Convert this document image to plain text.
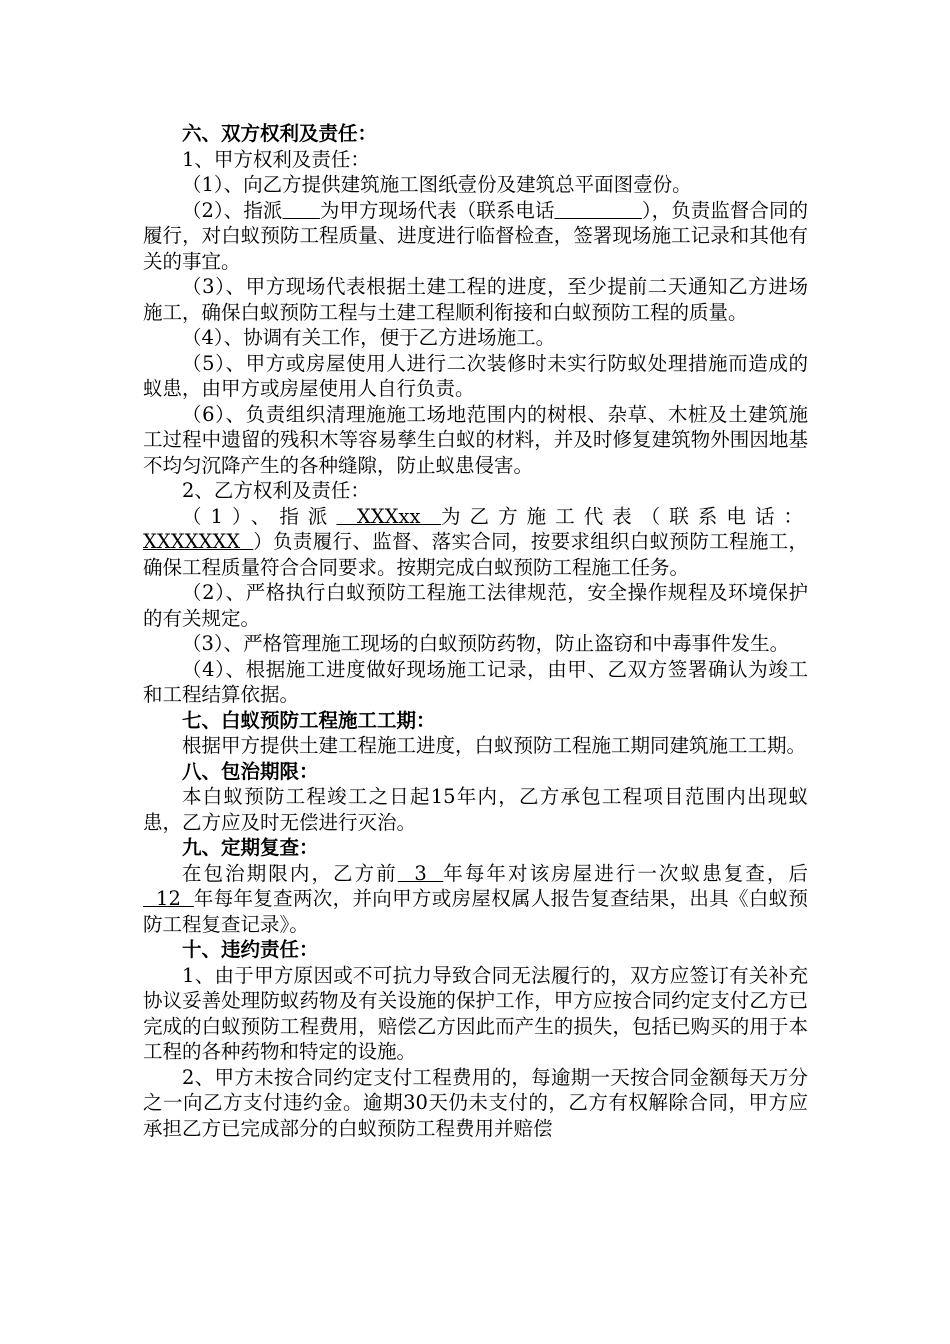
六、双方权利及责任：

1、甲方权利及责任：

（1）、向乙方提供建筑施工图纸壹份及建筑总平面图壹份。

（2）、指派 为甲方现场代表（联系电话	），负责监督合同的履行，对白蚁预防工程质量、进度进行临督检查，签署现场施工记录和其他有关的事宜。

（3）、甲方现场代表根据土建工程的进度，至少提前二天通知乙方进场施工，确保白蚁预防工程与土建工程顺利衔接和白蚁预防工程的质量。

（4）、协调有关工作，便于乙方进场施工。

（5）、甲方或房屋使用人进行二次装修时未实行防蚁处理措施而造成的蚁患，由甲方或房屋使用人自行负责。

（6）、负责组织清理施施工场地范围内的树根、杂草、木桩及土建筑施工过程中遗留的残积木等容易孳生白蚁的材料，并及时修复建筑物外围因地基不均匀沉降产生的各种缝隙，防止蚁患侵害。

2、乙方权利及责任：

（1）、指派  XXXxx  为乙方施工代表（联系电话：XXXXXXX  ）负责履行、监督、落实合同，按要求组织白蚁预防工程施工，确保工程质量符合合同要求。按期完成白蚁预防工程施工任务。

（2）、严格执行白蚁预防工程施工法律规范，安全操作规程及环境保护的有关规定。

（3）、严格管理施工现场的白蚁预防药物，防止盗窃和中毒事件发生。

（4）、根据施工进度做好现场施工记录，由甲、乙双方签署确认为竣工和工程结算依据。

七、白蚁预防工程施工工期：

根据甲方提供土建工程施工进度，白蚁预防工程施工期同建筑施工工期。

八、包治期限：

本白蚁预防工程竣工之日起15年内，乙方承包工程项目范围内出现蚁患，乙方应及时无偿进行灭治。

九、定期复查：

在包治期限内，乙方前  3  年每年对该房屋进行一次蚁患复查，后  12  年每年复查两次，并向甲方或房屋权属人报告复查结果，出具《白蚁预防工程复查记录》。

十、违约责任：

1、由于甲方原因或不可抗力导致合同无法履行的，双方应签订有关补充协议妥善处理防蚁药物及有关设施的保护工作，甲方应按合同约定支付乙方已完成的白蚁预防工程费用，赔偿乙方因此而产生的损失，包括已购买的用于本工程的各种药物和特定的设施。

2、甲方未按合同约定支付工程费用的，每逾期一天按合同金额每天万分之一向乙方支付违约金。逾期30天仍未支付的，乙方有权解除合同，甲方应承担乙方已完成部分的白蚁预防工程费用并赔偿
